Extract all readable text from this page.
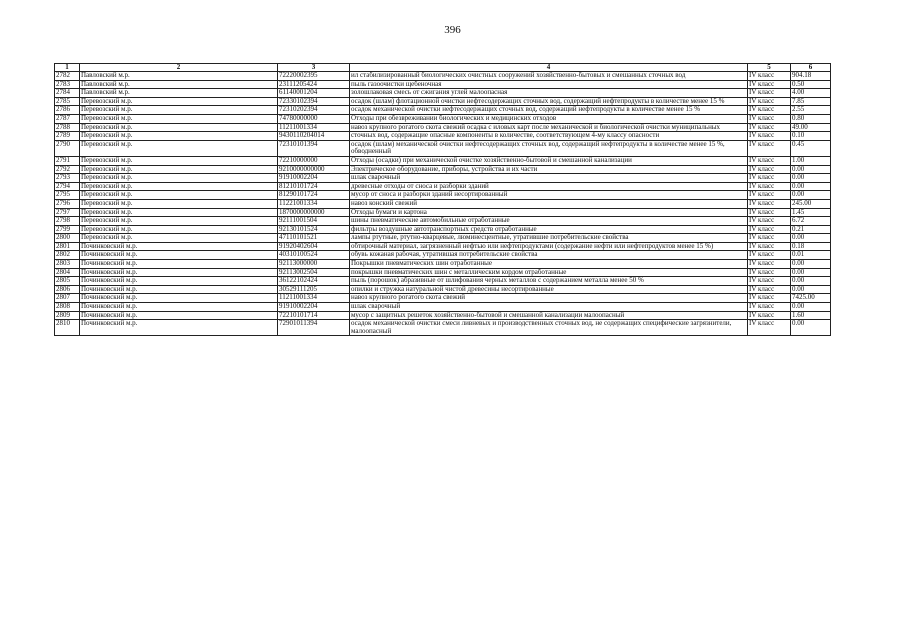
396
1	2	3	4	5	6
2782	Павловский м.р.	72220002395	ил стабилизированный биологических очистных сооружений хозяйственно-бытовых и смешанных сточных вод	IV класс	904.18
2783	Павловский м.р.	23111205424	пыль газоочистки щебеночная	IV класс	0.50
2784	Павловский м.р.	61140001204	золошлаковая смесь от сжигания углей малоопасная	IV класс	4.00
2785	Перевозский м.р.	72330102394	осадок (шлам) флотационной очистки нефтесодержащих сточных вод, содержащий нефтепродукты в количестве менее 15 %	IV класс	7.85
2786	Перевозский м.р.	72310202394	осадок механической очистки нефтесодержащих сточных вод, содержащий нефтепродукты в количестве менее 15 %	IV класс	2.55
2787	Перевозский м.р.	74780000000	Отходы при обезвреживании биологических и медицинских отходов	IV класс	0.80
2788	Перевозский м.р.	11211001334	навоз крупного рогатого скота свежий осадка с иловых карт после механической и биологической очистки муниципальных	IV класс	49.00
2789	Перевозский м.р.	9430110204014	сточных вод, содержащие опасные компоненты в количестве, соответствующем 4-му классу опасности	IV класс	0.10
2790	Перевозский м.р.	72310101394	осадок (шлам) механической очистки нефтесодержащих сточных вод, содержащий нефтепродукты в количестве менее 15 %, обводненный	IV класс	0.45
2791	Перевозский м.р.	72210000000	Отходы (осадки) при механической очистке хозяйственно-бытовой и смешанной канализации	IV класс	1.00
2792	Перевозский м.р.	9210000000000	Электрическое оборудование, приборы, устройства и их части	IV класс	0.00
2793	Перевозский м.р.	91910002204	шлак сварочный	IV класс	0.00
2794	Перевозский м.р.	81210101724	древесные отходы от сноса и разборки зданий	IV класс	0.00
2795	Перевозский м.р.	81290101724	мусор от сноса и разборки зданий несортированный	IV класс	0.00
2796	Перевозский м.р.	11221001334	навоз конский свежий	IV класс	245.00
2797	Перевозский м.р.	1870000000000	Отходы бумаги и картона	IV класс	1.45
2798	Перевозский м.р.	92111001504	шины пневматические автомобильные отработанные	IV класс	6.72
2799	Перевозский м.р.	92130101524	фильтры воздушные автотранспортных средств отработанные	IV класс	0.21
2800	Перевозский м.р.	47110101521	лампы ртутные, ртутно-кварцевые, люминесцентные, утратившие потребительские свойства	IV класс	0.00
2801	Починковский м.р.	91920402604	обтирочный материал, загрязненный нефтью или нефтепродуктами (содержание нефти или нефтепродуктов менее 15 %)	IV класс	0.18
2802	Починковский м.р.	40310100524	обувь кожаная рабочая, утратившая потребительские свойства	IV класс	0.01
2803	Починковский м.р.	92113000000	Покрышки пневматических шин отработанные	IV класс	0.00
2804	Починковский м.р.	92113002504	покрышки пневматических шин с металлическим кордом отработанные	IV класс	0.00
2805	Починковский м.р.	36122102424	пыль (порошок) абразивные от шлифования черных металлов с содержанием металла менее 50 %	IV класс	0.00
2806	Починковский м.р.	30529111205	опилки и стружка натуральной чистой древесины несортированные	IV класс	0.00
2807	Починковский м.р.	11211001334	навоз крупного рогатого скота свежий	IV класс	7425.00
2808	Починковский м.р.	91910002204	шлак сварочный	IV класс	0.00
2809	Починковский м.р.	72210101714	мусор с защитных решеток хозяйственно-бытовой и смешанной канализации малоопасный	IV класс	1.60
2810	Починковский м.р.	72901011394	осадок механической очистки смеси ливневых и производственных сточных вод, не содержащих специфические загрязнители, малоопасный	IV класс	0.00
